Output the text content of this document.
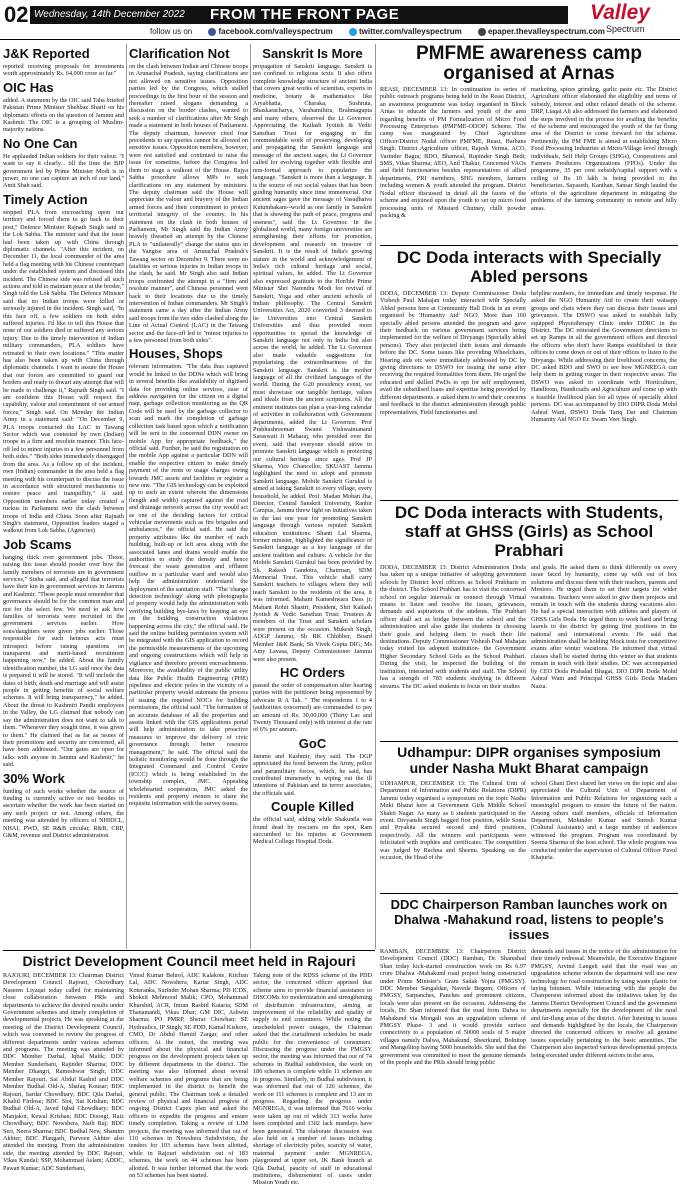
02 Wednesday, 14th December 2022 FROM THE FRONT PAGE
follow us on	facebook.com/valleyspectrum	twitter.com/valleyspectrum	epaper.thevalleyspectrum.com
Valley
Spectrum
J&K Reported

reported receiving proposals for investments worth approximately Rs. 64,000 crore so far."

OIC Has

added. A statement by the OIC said Taha briefed Pakistan Prime Minister Shehbaz Sharif on his diplomatic efforts on the question of Jammu and Kashmir. The OIC is a grouping of Muslim-majority nations.

No One Can

He applauded Indian soldiers for their valour. "I want to say it clearly... till the time the BJP government led by Prime Minister Modi is in power, no one can capture an inch of our land," Amit Shah said.

Timely Action

stopped PLA from encroaching upon our territory and forced them to go back to their post," Defence Minister Rajnath Singh said in the Lok Sabha. The minister said that the issue had been taken up with China through diplomatic channels. "After this incident, on December 11, the local commander of the area held a flag meeting with his Chinese counterpart under the established system and discussed this incident. The Chinese side was refused all such actions and told to maintain peace at the border," Singh told the Lok Sabha. The Defence Minister said that no Indian troops were killed or seriously injured in the incident. Singh said, "In this face off, a few soldiers on both sides suffered injuries. I'd like to tell this House that none of our soldiers died or suffered any serious injury. Due to the timely intervention of Indian military commanders, PLA soldiers have retreated to their own locations." "This matter has also been taken up with China through diplomatic channels. I want to assure the House that our forces are committed to guard our borders and ready to thwart any attempt that will be made to challenge it," Rajnath Singh said. "I am confident this House will respect the capability, valour and commitment of our armed forces," Singh said. On Monday the Indian Army in a statement said: "On December 9, PLA troops contacted the LAC in Tawang Sector which was contested by own (Indian) troops in a firm and resolute manner. This face-off led to minor injuries to a few personnel from both sides." "Both sides immediately disengaged from the area. As a follow up of the incident, own (Indian) commander in the area held a flag meeting with his counterpart to discuss the issue in accordance with structured mechanisms to restore peace and tranquillity," it said. Opposition members earlier today created a ruckus in Parliament over the clash between troops of India and China. Soon after Rajnath Singh's statement, Opposition leaders staged a walkout from Lok Sabha. (Agencies)

Job Scams

hanging thick over government jobs. Those, raising this issue should ponder over how the family members of terrorists are in government services," Sinha said, and alleged that terrorists have their kin in government services in Jammu and Kashmir. "These people must remember that governance should be for the common man and not for the select few. We need to ask how families of terrorists were recruited in the government services earlier. How sons/daughters were given jobs earlier. Those responsible for such heinous acts must introspect before raising questions on transparent and merit-based recruitment happening now," he added. About the family identification number, the LG said once the data is prepared it will be stored. "It will include the dates of birth, death and marriage and will assist people in getting benefits of social welfare schemes. It will bring transparency," he added. About the threat to Kashmiri Pandit employees in the Valley, the LG claimed that nobody can say the administration does not want to talk to them. "Whenever they sought time, it was given to them." He claimed that as far as issues of their promotions and security are concerned, all have been addressed. "Our gates are open for talks with anyone in Jammu and Kashmir," he said.

30% Work

funding of such works whether the source of funding is currently active or not besides to ascertain whether the work has been started on any such project or not. Among others, the meeting was attended by officers of NHIDCL, NHAI, PWD, SE R&B circular, R&B, CRP, G&M, revenue and District administration.

Clarification Not

on the clash between Indian and Chinese troops in Arunachal Pradesh, saying clarifications are not allowed on sensitive issues. Opposition parties led by the Congress, which stalled proceedings in the first hour of the session and thereafter raised slogans demanding a discussion on the border clashes, wanted to seek a number of clarifications after Mr Singh made a statement in both houses of Parliament. The deputy chairman, however cited four precedents to say queries cannot be allowed on sensitive issues. Opposition members, however, were not satisfied and continued to raise the issue for sometime, before the Congress led them to stage a walkout of the House. Rajya Sabha procedure allows MPs to seek clarifications on any statement by ministers. The deputy chairman said the House will appreciate the valour and bravery of the Indian armed forces and their commitment to protect territorial integrity of the country. In his statement on the clash in both houses of Parliament, Mr Singh said the Indian Army bravely thwarted an attempt by the Chinese PLA to "unilaterally" change the status quo in the Yangtse area of Arunachal Pradesh's Tawang sector on December 9. There were no fatalities or serious injuries to Indian troops in the clash, he said. Mr Singh also said Indian troops confronted the attempt in a "firm and resolute manner", and Chinese personnel went back to their locations due to the timely intervention of Indian commanders. Mr Singh's statement came a day after the Indian Army said troops from the two sides clashed along the Line of Actual Control (LAC) in the Tawang sector and the face-off led to "minor injuries to a few personnel from both sides".

Houses, Shops

relevant information. "The data thus captured would be linked to the DDNs which will bring in several benefits like availability of digitised data for providing online services, ease of address navigation for the citizen on a digital map, garbage collection monitoring as the QR Code will be used by the garbage collector to scan and mark the completion of garbage collection task based upon which a notification will be sent to the concerned DDN owner on mobile App for appropriate feedback," the official said. Further, he said the registration on the mobile App against a particular DDN will enable the respective citizen to make timely payment of the rents or usage charges owing towards JMC assets and facilities or register a new one. "The GIS technology can be exploited up to such an extent wherein the dimensions (length and width) captured against the road and drainage network across the city would act as one of the deciding factors for critical vehicular movements such as fire brigades and ambulances," the official said. He said the property attributes like the number of each building, built-up or left area along with the associated lanes and drains would enable the authorities to study the density and hence forecast the waste generation and effluent outflow in a particular ward and would also help the administration understand the deployment of the sanitation staff. "The 'change detection technology' along with photographs of property would help the administration with verifying building bye-laws by keeping an eye on the building construction violations happening across the city," the official said. He said the online building permission system will be integrated with the GIS application to record the permissible measurements of the upcoming and ongoing constructions which will help in vigilance and therefore prevent encroachments. Moreover, the availability of the public utility data like Public Health Engineering (PHE) pipelines and electric poles in the vicinity of a particular property would automate the process of issuing the required NOCs for building permissions, the official said. "The formation of an accurate database of all the properties and assets linked with the GIS applications portal will help administration to take proactive measures to improve the delivery of civic governance through better resource management," he said. The official said the holistic monitoring would be done through the Integrated Command and Control Centre (ICCC) which is being established in the township complex, JMC. Appealing wholehearted cooperation, JMC asked the residents and property owners to share the requisite information with the survey teams.

Sanskrit Is More

propagation of Sanskrit language. Sanskrit is not confined to religious texts. It also offers complete knowledge structure of ancient India that covers great works of scientists, experts in medicine, botany & mathematics like Aryabhatta, Charaka, Sushruta, Bhaskaracharya, Varahamihira, Brahmagupta and many others, observed the Lt Governor. Appreciating the Kailash Jyotish & Vedic Sansthan Trust for engaging in the commendable work of preserving, developing and propagating the Sanskrit language and message of the ancient sages, the Lt Governor called for evolving together with flexible and non-formal approach to popularize the language. "Sanskrit is more than a language. It is the source of our social values that has been guiding humanity since time immemorial. Our ancient sages gave the message of Vasudhaiva Kutumbakam--world as one family in Sanskrit that is showing the path of peace, progress and oneness", said the Lt Governor. In the globalised world, many foreign universities are strengthening their efforts for promotion, development and research on treasure of Sanskrit. It is the result of India's growing stature in the world and acknowledgement of India's rich cultural heritage and social, spiritual values, he added. The Lt Governor also expressed gratitude to the Hon'ble Prime Minister Shri Narendra Modi for revival of Sanskrit, Yoga and other ancient schools of Indian philosophy. The Central Sanskrit Universities Act, 2020 converted 3 deemed to be Universities into Central Sanskrit Universities and thus provided more opportunities to spread the knowledge of Sanskrit language not only in India but also across the world, he added. The Lt Governor also made valuable suggestions for popularising the extraordinariness of the Sanskrit language. Sanskrit is the mother language of all the civilized languages of the world. During the G20 presidency event, we must showcase our tangible heritage, values and ideals from the ancient scriptures. All the eminent institutes can plan a year-long calendar of activities in collaboration with Government departments, added the Lt Governor. Prof Prabhushreeman Swami Vishwatmanand Saraswati Ji Maharaj, who presided over the event, said that everyone should strive to promote Sanskrit language which is protecting our cultural heritage since ages. Prof JP Sharma, Vice Chancellor, SKUAST Jammu highlighted the need to adopt and promote Sanskrit language. Mobile Sanskrit Gurukul is aimed at taking Sanskrit to every village, every household, he added. Prof. Madan Mohan Jha, Director, Central Sanskrit University, Ranbir Campus, Jammu threw light on initiatives taken in the last one year for promoting Sanskrit language through various reputed Sanskrit education institutions. Shanti Lal Sharma, former minister, highlighted the significance of Sanskrit language as a key language of the ancient tradition and culture. A vehicle for the Mobile Sanskrit Gurukul has been provided by Sh. Rakesh Gandotra, Chairman, SDM Memorial Trust. This vehicle shall carry Sanskrit teachers to villages where they will teach Sanskrit to the residents of the area, it was informed. Mahant Kameshwara Dass ji; Mahant Rohit Shastri, President, Shri Kailash Jyotish & Vedic Sansthan Trust; Trustees & members of the Trust and Sanskrit scholars were present on the occasion. Mukesh Singh, ADGP Jammu; Sh RK Chhibber, Board Member J&K Bank; Sh Vivek Gupta DIG; Ms Amy Lavasa, Deputy Commissioner Jammu were also present.

HC Orders

passed the order of compensation after hearing parties with the petitioner being represented by advocate R A Tak. " The respondents 1 to 4 (authorities concerned) are commanded to pay an amount of Rs. 30,00,000 (Thirty Lac and Twenty Thousand only) with interest at the rate of 6% per annum.

GoC

Jammu and Kashmir, they said. The DGP appreciated the bond between the Army, police and paramilitary forces, which, he said, has contributed immensely in wiping out the ill intentions of Pakistan and its terror associates, the officials said.

Couple Killed

the official said, adding while Shakuntla was found dead by rescuers on the spot, Ram succumbed to his injuries at Government Medical College Hospital Doda.

PMFME awareness camp organised at Arnas

REASI, DECEMBER 13: In continuation to series of public outreach programs being held in the Reasi District, an awareness programme was today organised in Block Arnas to educate the farmers and youth of the area regarding benefits of PM Formalization of Micro Food Processing Enterprises (PMFME-ODOP) Scheme. The camp was inaugurated by Chief Agriculture Officer/District Nodal officer PMFME, Reasi, Harbans Singh. District Agriculture officer, Rajesh Verma, ACO, Varinder Bagra; BDO, Bhanwal, Rupinder Singh Bedi; SMS, Vikas Sharma; AEO, Anil Thakur, Concerned VAOs and field functionaries besides representatives of allied departments, PRI members, SHG members, farmers including women & youth attended the program. District Nodal officer discussed in detail all the facets of the scheme and enjoined upon the youth to set up micro food processing units of Mustard Chutney, chilli powder packing &

marketing, spices grinding, garlic paste etc. The District Agriculture officer elaborated the eligibility and terms of subsidy, interest and other related details of the scheme. DRP, Liaqat Ali also addressed the farmers and elaborated the steps involved in the process for availing the benefits of the scheme and encouraged the youth of the far flung area of the District to come forward for the scheme. Pertinently, the PM FME is aimed at establishing Micro Food Processing Industries at Micro/Village level through individuals, Self Help Groups (SHGs), Cooperatives and Farmers Producers Organizations (FPOs). Under the programme, 35 per cent subsidy/capital support with a ceiling of Rs 10 lakh is being provided to the beneficiaries. Sayaseth, Kanthan, Sansar Singh lauded the efforts of the agriculture department in mitigating the problems of the farming community in remote and hilly areas.

DC Doda interacts with Specially Abled persons

DODA, DECEMBER 13: Deputy Commissioner Doda Vishesh Paul Mahajan today interacted with Specially Abled persons here at Community Hall Doda in an event organised by 'Humanity Aid' NGO. More than 160 specially abled persons attended the program and gave their feedback on various government services being implemented for the welfare of Divyangs (Specially abled persons). They also projected their issues and demands before the DC. Some issues like providing Wheelchairs, Hearing aids etc were immediately addressed by DC by giving directions to DSWO for issuing the same after receiving the required formalities from them. He urged the educated and skilled PwDs to opt for self employment, avail the subsidised loans and expertise being provided by different departments. e asked them to send their concerns and feedback to the district administration through public representatives, Field functionaries and

helpline numbers, for immediate and timely response. He asked the NGO Humanity Aid to create their watsapp groups and chats where they can discuss their issues and grievances. The DSWO was asked to establish fully equipped Physiotherapy Clinic under DDRC in the District. The DC reiterated the Government directions to set up Ramps in all the government offices and directed the officers who don't have Ramps established in their offices to come down or out of their offices to listen to the Divyangs. While addressing their livelihood concerns, the DC asked BDO and SWO to see how MGNREGA can help them in getting rozgar in their respective areas. The DSWO was asked to coordinate with Horticulture, Handloom, Handicrafts and Agriculture and come up with a feasible livelihood plan for all types of specially abled persons. DC was accompanied by DIO DIPR Doda Mohd Ashraf Wani, DSWO Doda Tariq Dar and Chairman Humanity Aid NGO Er. Swarn Veer Singh.

DC Doda interacts with Students, staff at GHSS (Girls) as School Prabhari

DODA, DECEMBER 13: District Administration Doda has taken up a unique initiative of adopting government schools by District level officers as School Prabharis in the district. The School Prabhari has to visit the concerned school on regular intervals or connect through Virtual means to listen and resolve the issues, grievances, demands and aspirations of the students. The Prabhari officer shall act as bridge between the school and the administration and also guide the students in choosing their goals and helping them to reach their life destinations. Deputy Commissioner Vishesh Paul Mahajan today visited his adopted institution- the Government Higher Secondary School Girls as the School Prabhari. During the visit, he inspected the building of the institution, interacted with students and staff. The School has a strength of 783 students studying in different streams. The DC asked students to focus on their studies

and goals. He asked them to think differently on every issue faced by humanity, come up with out of box solutions and discuss them with their teachers, parents and Mentors. He urged them to set their targets for wider vacations. Teachers were asked to give them projects and remain in touch with the students during vacations also. He had a special interaction with athletes and players of GHSS Girls Doda. He urged them to work hard and bring laurels to the district by getting first positions in the national and international events. He said that administration shall be holding Mock tests for competitive exams after winter vacations. He informed that virtual classes shall be started during this winter so that students remain in touch with their studies. DC was accompanied by CEO Doda Prahalad Bhagat, DIO DIPR Doda Mohd Ashraf Wani and Principal GHSS Girls Doda Madam Nazia.

Udhampur: DIPR organises symposium under Nasha Mukt Bharat campaign

UDHAMPUR, DECEMBER 13: The Cultural Unit of Department of Information and Public Relations (DIPR) Jammu today organised a symposium on the topic Nasha Mukt Bharat here at Government Girls Middle School Shakti Nagar. As many as 6 students participated in the event. Divyanshi Singh bagged first position, while Sonia and Pryakita secured second and third positions, respectively. All the winners and participants were felicitated with trophies and certificates. The competition was judged by Rachna and Sheenu. Speaking on the occasion, the Head of the

school Ghani Devi shared her views on the topic and also appreciated the Cultural Unit of Department of Information and Public Relations for organizing such a meaningful program to ensure the future of the nation. Among others staff members, officials of Information Department, Mohinder Kumar and Suresh Kumar (Cultural Assistants) and a large number of audiences witnessed the program. Program was coordinated by Seema Sharma of the host school. The whole program was conducted under the supervision of Cultural Officer Pavul Khajuria.

DDC Chairperson Ramban launches work on Dhalwa -Mahakund road, listens to people's issues

RAMBAN, DECEMBER 13: Chairperson District Development Council (DDC) Ramban, Dr. Shamshad Shan today kick-started construction work on Rs 6.97 crore Dhalwa -Mahakund road project being constructed under Prime Minister's Gram Sadak Yojna (PMGSY). DDC Member Sangaldan, Naveda Begum; Officers of PMGSY, Sarpanches, Panches and prominent citizens, locals were also present on the occasion. Addressing the locals, Dr. Shan informed that the road from Dalwa to Mahakund via Mongali was an upgradation scheme of PMGSY Phase- 3 and it would provide surface connectivity to a population of 50000 souls of 5 major villages namely Dalwa, Mahakund, Sheerkund, Bolnitop and Mangolitop having 5000 households. She said that the government was committed to meet the genuine demands of the people and the PRIs should bring public

demands and issues in the notice of the administration for their timely redressal. Meanwhile, the Executive Engineer PMGSY, Arvind Langeh said that the road was an upgradation scheme wherein the department will use new technology for road construction by using waste plastic for laying bitumen. While interacting with the people the Chairperson informed about the initiatives taken by the Jammu District Development Council and the government departments especially for the development of the rural and far-flung areas of the district. After listening to issues and demands highlighted by the locals, the Chairperson directed the concerned officers to resolve all genuine issues especially pertaining to the basic amenities. The Chairperson also inspected various developmental projects being executed under different sectors in the area.

District Development Council meet held in Rajouri

RAJOURI, DECEMBER 13: Chairman District Development Council Rajouri, Chowdhary Naseem Liyaqat today called for maintaining close collaboration between PRIs and departments to achieve the desired results under Government schemes and timely completion of developmental projects. He was speaking at the meeting of the District Development Council, which was convened to review the progress of different departments under various schemes and programs. The meeting was attended by DDC Member Darhal, Iqbal Malik; DDC Member Sunderbani, Rajinder Sharma; DDC Member Dhangri, Rameshwar Singh; DDC Member Rajouri, Sai Abdul Rashid and DDC Member Budhal Old-A, Shafaq Kousar; BDC Rajouri, Sardar Chowdhary; BDC Qila Darhal, Khalid Firdose; BDC Siot, Sat Krishan; BDC Budhal Old-A, Javed Iqbal Chowdhary; BDC Manjakot, Kewal Krishan; BDC Doongi, Raiz Chowdhary; BDC Nowshera, Naib Raj; BDC Seri, Neera Sharma; BDC Budhal New, Shamim Akhter; BDC Plangarh, Parveen Akhter also attended the meeting. From the administration side, the meeting attended by DDC Rajouri, Vikas Kundal; SSP, Mohammad Aslam; ADDC, Pawan Kumar; ADC Sunderbani,

Vinod Kumar Behrol, ADC Kalakote, Kitchan Lal, ADC Nowshera, Kartar Singh, ADC Koteranka, Surinder Mohan Sharma; PD ICDS, Shokeit Mehmood Malik; CPO, Mohammad Khurshid, ACR, Imran Rashid Kataria; SDM Thanamandi, Vikas Dhar; GM DIC, Ashwin Sharma; PO PMRP, Sherar Chowhan; SE Hydraulics, IP Singh; SE PDD, Kamal Kishore, CMO, Dr Abdul Hamid Zargar, and other officers. At the outset, the meeting was informed about the physical and financial progress on the development projects taken up by different departments in the district. The meeting was also informed about several welfare schemes and programs that are being implemented in the district to benefit the general public. The Chairman took a detailed review of physical and financial progress of ongoing District Capex plan and asked the officers to expedite the progress and ensure timely completion. Taking a review of LJM projects, the meeting was informed that out of 110 schemes in Nowshera Subdivision, the tenders for 103 schemes have been allotted, while in Rajouri subdivision out of 183 schemes, the work on 44 schemes has been allotted. It was further informed that the work on 53 schemes has been started.

Taking note of the RDSS scheme of the PDD sector, the concerned officer apprised that scheme aims to provide financial assistance to DISCOMs for modernization and strengthening of distribution infrastructure, aiming at improvement of the reliability and quality of supply to end consumers. While noting the unscheduled power outages, the Chairman asked that the curtailment schedules be made public for the convenience of consumers. Discussing the progress under the PMGSY sector, the meeting was informed that out of 74 schemes in Budhal subdivision, the work on 186 schemes is complete while 11 schemes are in progress. Similarly, in Budhal subdivision, it was informed that out of 126 schemes, the work on 111 schemes is complete and 13 are in progress. Regarding the progress under MGNREGA, it was informed that 7616 works were taken up out of which 313 works have been completed and 1302 lack mandays have been generated. The elaborate discussion was also held on a number of issues including shortage of electricity poles, scarcity of water, maternal payment under MGNREGA, playground at upper sot, JK Bank branch at Qila Darhal, paucity of staff in educational institutions, disbursement of cases under Mission Youth etc.
